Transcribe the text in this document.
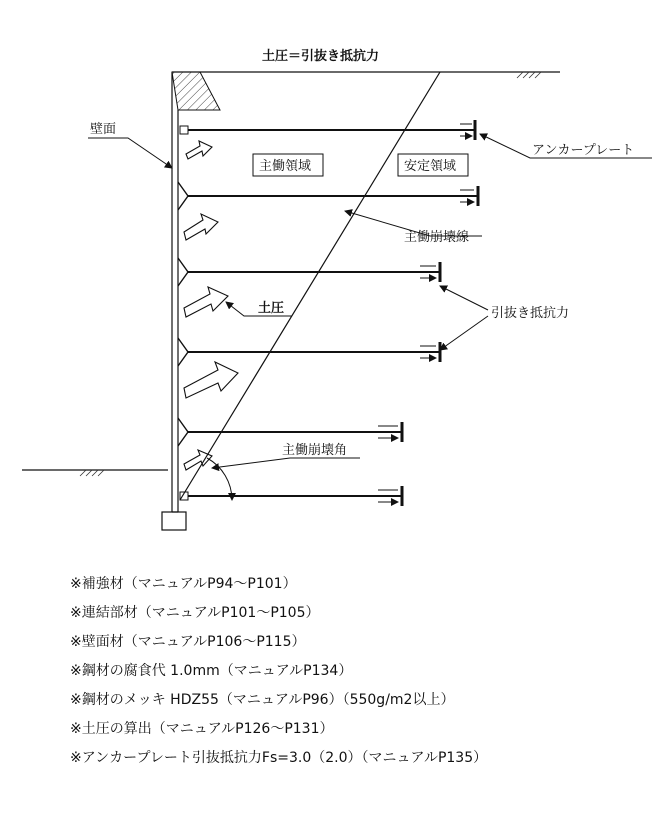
土圧＝引抜き抵抗力
主働領域	安定領域
壁面
アンカープレート
主働崩壊線
土圧	引抜き抵抗力
主働崩壊角
※補強材（マニュアルP94〜P101）
※連結部材（マニュアルP101〜P105）
※壁面材（マニュアルP106〜P115）
※鋼材の腐食代 1.0mm（マニュアルP134）
※鋼材のメッキ HDZ55（マニュアルP96）（550g/m2以上）
※土圧の算出（マニュアルP126〜P131）
※アンカープレート引抜抵抗力Fs=3.0（2.0）（マニュアルP135）
